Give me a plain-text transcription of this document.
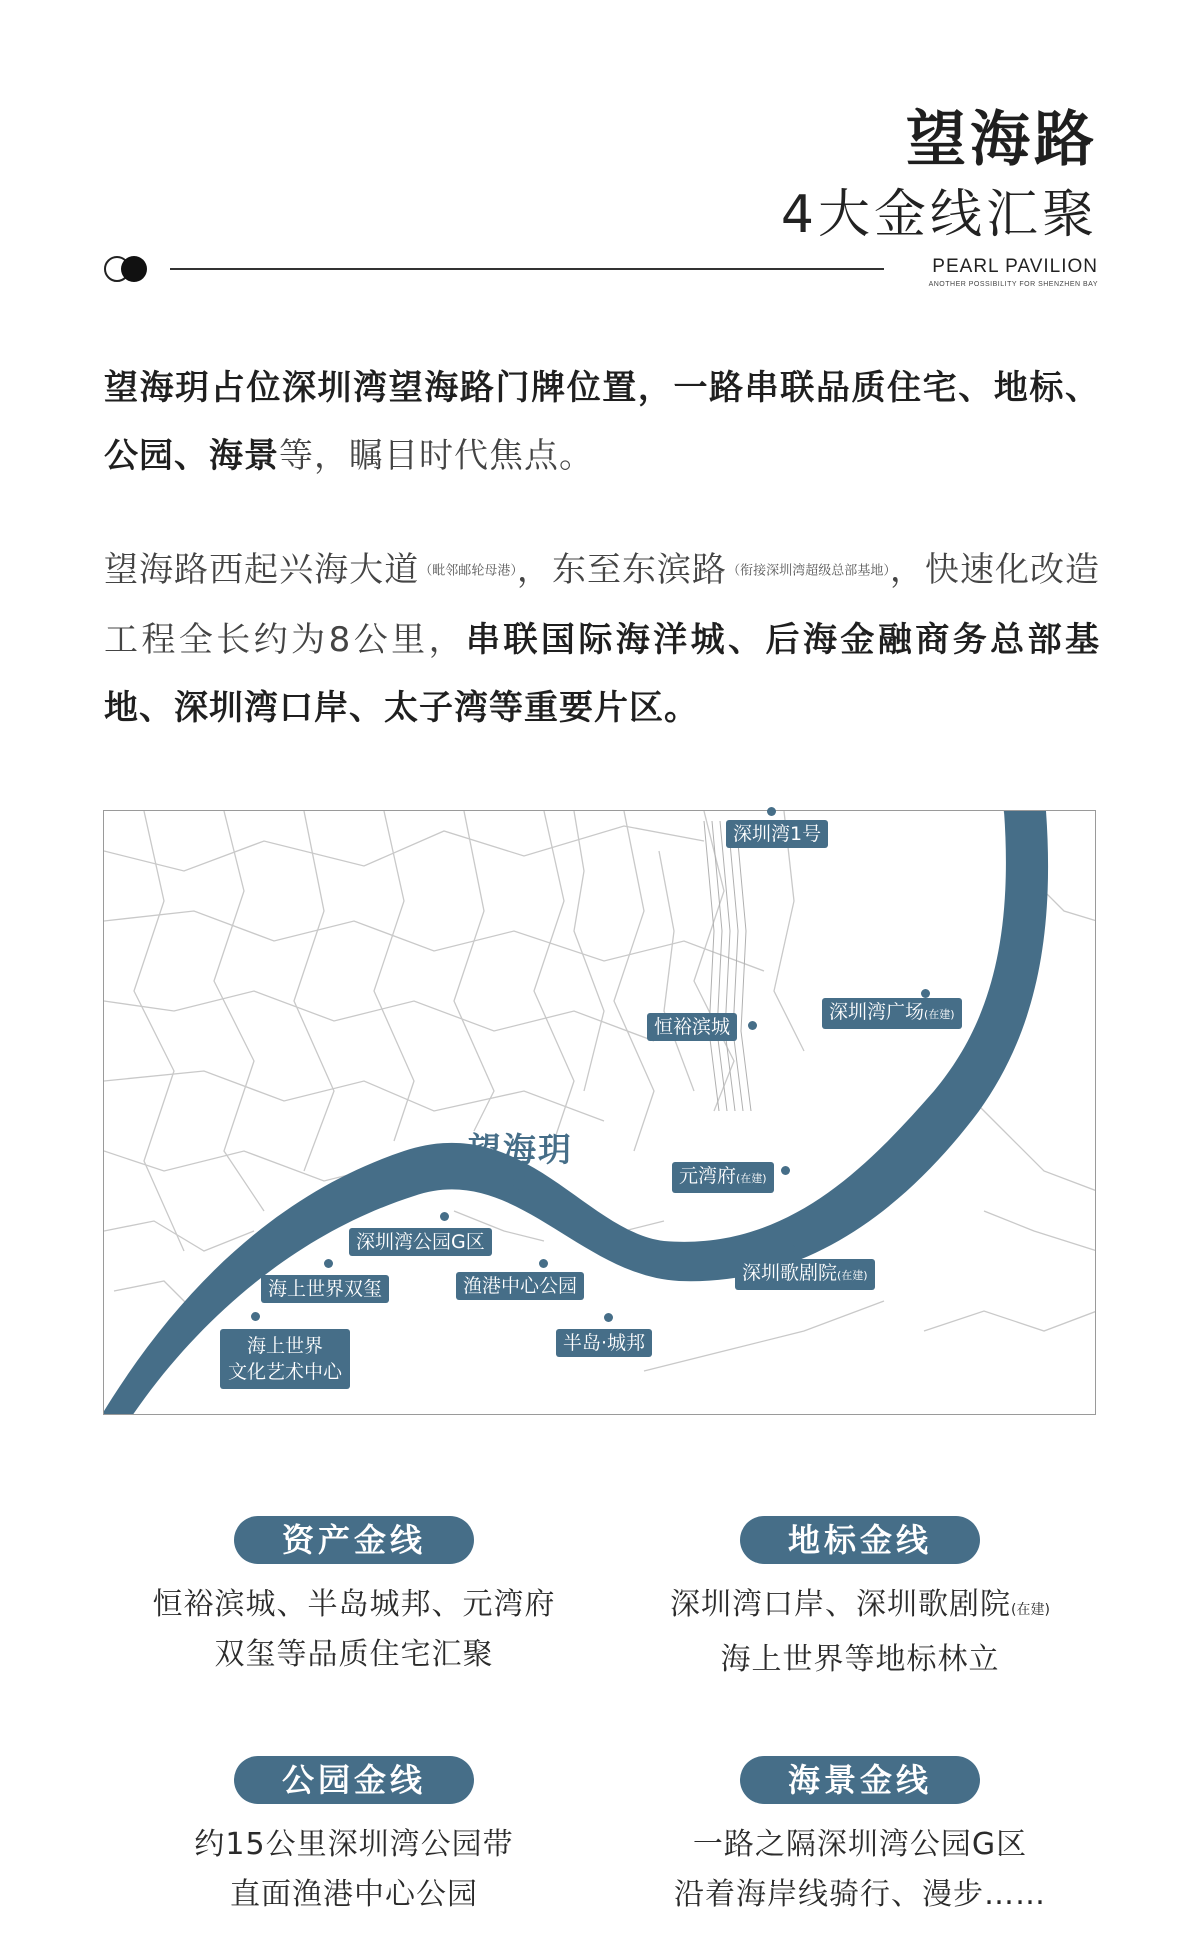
望海路
4大金线汇聚
PEARL PAVILION
ANOTHER POSSIBILITY FOR SHENZHEN BAY
望海玥占位深圳湾望海路门牌位置，一路串联品质住宅、地标、公园、海景等，瞩目时代焦点。
望海路西起兴海大道（毗邻邮轮母港），东至东滨路（衔接深圳湾超级总部基地），快速化改造工程全长约为8公里，串联国际海洋城、后海金融商务总部基地、深圳湾口岸、太子湾等重要片区。
望海玥
深圳湾1号
深圳湾广场(在建)
恒裕滨城
元湾府(在建)
深圳湾公园G区
海上世界双玺	渔港中心公园
深圳歌剧院(在建)
半岛·城邦
海上世界
文化艺术中心
资产金线
恒裕滨城、半岛城邦、元湾府
双玺等品质住宅汇聚
地标金线
深圳湾口岸、深圳歌剧院(在建)
海上世界等地标林立
公园金线
约15公里深圳湾公园带
直面渔港中心公园
海景金线
一路之隔深圳湾公园G区
沿着海岸线骑行、漫步……
